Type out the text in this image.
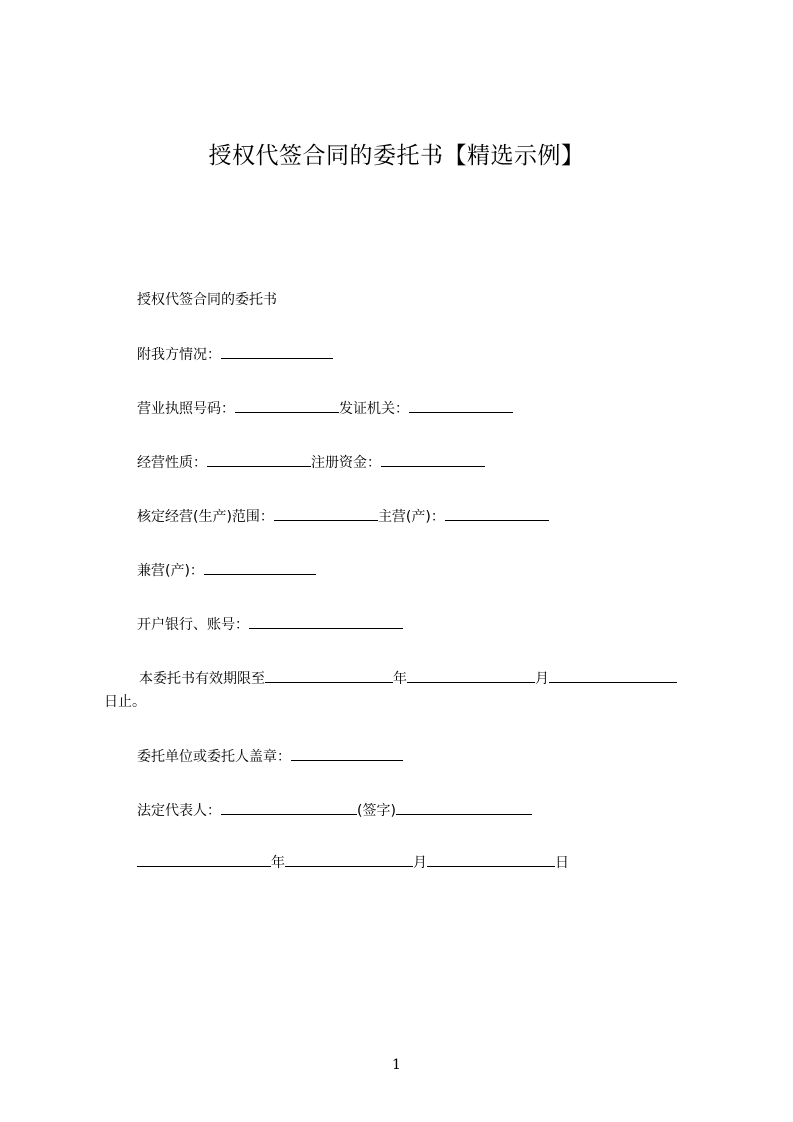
授权代签合同的委托书【精选示例】
授权代签合同的委托书
附我方情况：
营业执照号码：	发证机关：
经营性质：	注册资金：
核定经营(生产)范围：	主营(产)：
兼营(产)：
开户银行、账号：
本委托书有效期限至	年	月
日止。
委托单位或委托人盖章：
法定代表人：	(签字)
年	月	日
1
